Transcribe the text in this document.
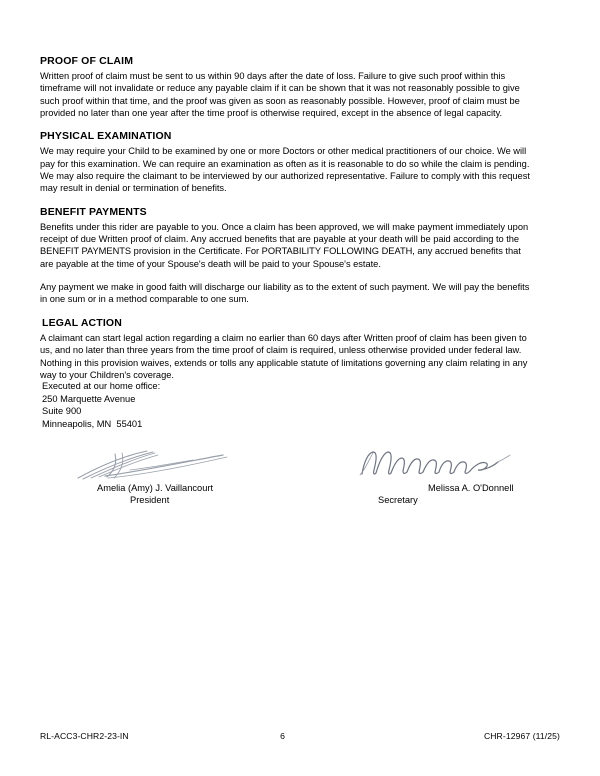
PROOF OF CLAIM

Written proof of claim must be sent to us within 90 days after the date of loss. Failure to give such proof within this timeframe will not invalidate or reduce any payable claim if it can be shown that it was not reasonably possible to give such proof within that time, and the proof was given as soon as reasonably possible. However, proof of claim must be provided no later than one year after the time proof is otherwise required, except in the absence of legal capacity.

PHYSICAL EXAMINATION

We may require your Child to be examined by one or more Doctors or other medical practitioners of our choice. We will pay for this examination. We can require an examination as often as it is reasonable to do so while the claim is pending. We may also require the claimant to be interviewed by our authorized representative. Failure to comply with this request may result in denial or termination of benefits.

BENEFIT PAYMENTS

Benefits under this rider are payable to you. Once a claim has been approved, we will make payment immediately upon receipt of due Written proof of claim. Any accrued benefits that are payable at your death will be paid according to the BENEFIT PAYMENTS provision in the Certificate. For PORTABILITY FOLLOWING DEATH, any accrued benefits that are payable at the time of your Spouse's death will be paid to your Spouse's estate.

Any payment we make in good faith will discharge our liability as to the extent of such payment. We will pay the benefits in one sum or in a method comparable to one sum.

LEGAL ACTION

A claimant can start legal action regarding a claim no earlier than 60 days after Written proof of claim has been given to us, and no later than three years from the time proof of claim is required, unless otherwise provided under federal law. Nothing in this provision waives, extends or tolls any applicable statute of limitations governing any claim relating in any way to your Children's coverage.

Executed at our home office:
250 Marquette Avenue
Suite 900
Minneapolis, MN  55401
Amelia (Amy) J. Vaillancourt
President
Melissa A. O'Donnell
Secretary
RL-ACC3-CHR2-23-IN	6	CHR-12967 (11/25)
